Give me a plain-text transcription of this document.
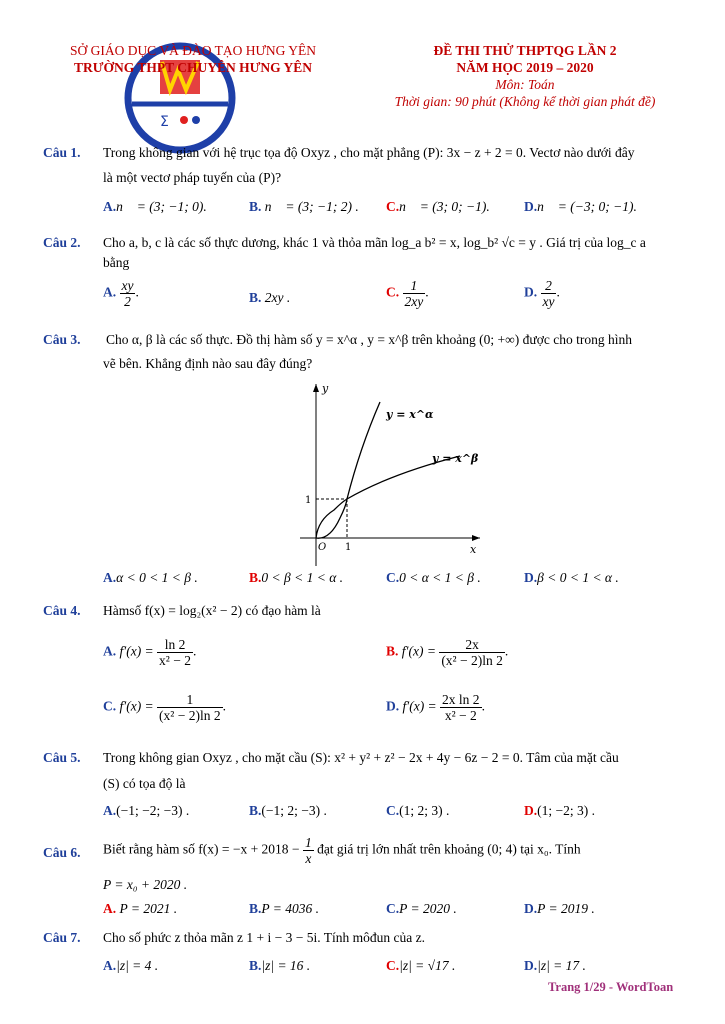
Σ
SỞ GIÁO DỤC VÀ ĐÀO TẠO HƯNG YÊN
TRƯỜNG THPT CHUYÊN HƯNG YÊN
ĐỀ THI THỬ THPTQG LẦN 2
NĂM HỌC 2019 – 2020
Môn: Toán
Thời gian: 90 phút (Không kể thời gian phát đề)
Câu 1. Trong không gian với hệ trục tọa độ Oxyz , cho mặt phẳng (P): 3x − z + 2 = 0. Vectơ nào dưới đây
là một vectơ pháp tuyến của (P)?
A.n⃗ = (3; −1; 0).	B. n⃗ = (3; −1; 2) . C.n⃗ = (3; 0; −1).	D.n⃗ = (−3; 0; −1).
Câu 2. Cho a, b, c là các số thực dương, khác 1 và thỏa mãn log_a b² = x, log_b² √c = y . Giá trị của log_c a
bằng
A. $\frac{xy}{2}$ .	B. 2xy .	C. $\frac{1}{2xy}$ .	D. $\frac{2}{xy}$ .
Câu 3. Cho α, β là các số thực. Đồ thị hàm số y = x^α , y = x^β trên khoảng (0; +∞) được cho trong hình
vẽ bên. Khẳng định nào sau đây đúng?
y
x
y = x^α
y = x^β
1
1
O
A.α < 0 < 1 < β .	B.0 < β < 1 < α .	C.0 < α < 1 < β .	D.β < 0 < 1 < α .
Câu 4. Hàmsố f(x) = log₂(x² − 2) có đạo hàm là
A. $f'(x) = \frac{\ln 2}{\text{x² − 2}}$ .	B. $f'(x) = \frac{2x}{\text{(x² − 2)ln 2}}$ .
C. $f'(x) = \frac{1}{\text{(x² − 2)ln 2}}$ .	D. $f'(x) = \frac{\text{2x ln 2}}{\text{x² − 2}}$ .
Câu 5. Trong không gian Oxyz , cho mặt cầu (S): x² + y² + z² − 2x + 4y − 6z − 2 = 0. Tâm của mặt cầu
(S) có tọa độ là
A.(−1; −2; −3) .	B.(−1; 2; −3) .	C.(1; 2; 3) .	D.(1; −2; 3) .
Câu 6. Biết rằng hàm số $f(x) = -x + 2018 - \frac{1}{x}$ đạt giá trị lớn nhất trên khoảng (0; 4) tại x₀. Tính
P = x₀ + 2020 .
A. P = 2021 .	B.P = 4036 .	C.P = 2020 .	D.P = 2019 .
Câu 7. Cho số phức z thỏa mãn z 1 + i − 3 − 5i. Tính môđun của z.
A.|z| = 4 .	B.|z| = 16 .	C.|z| = √17 .	D.|z| = 17 .
Trang 1/29 - WordToan
